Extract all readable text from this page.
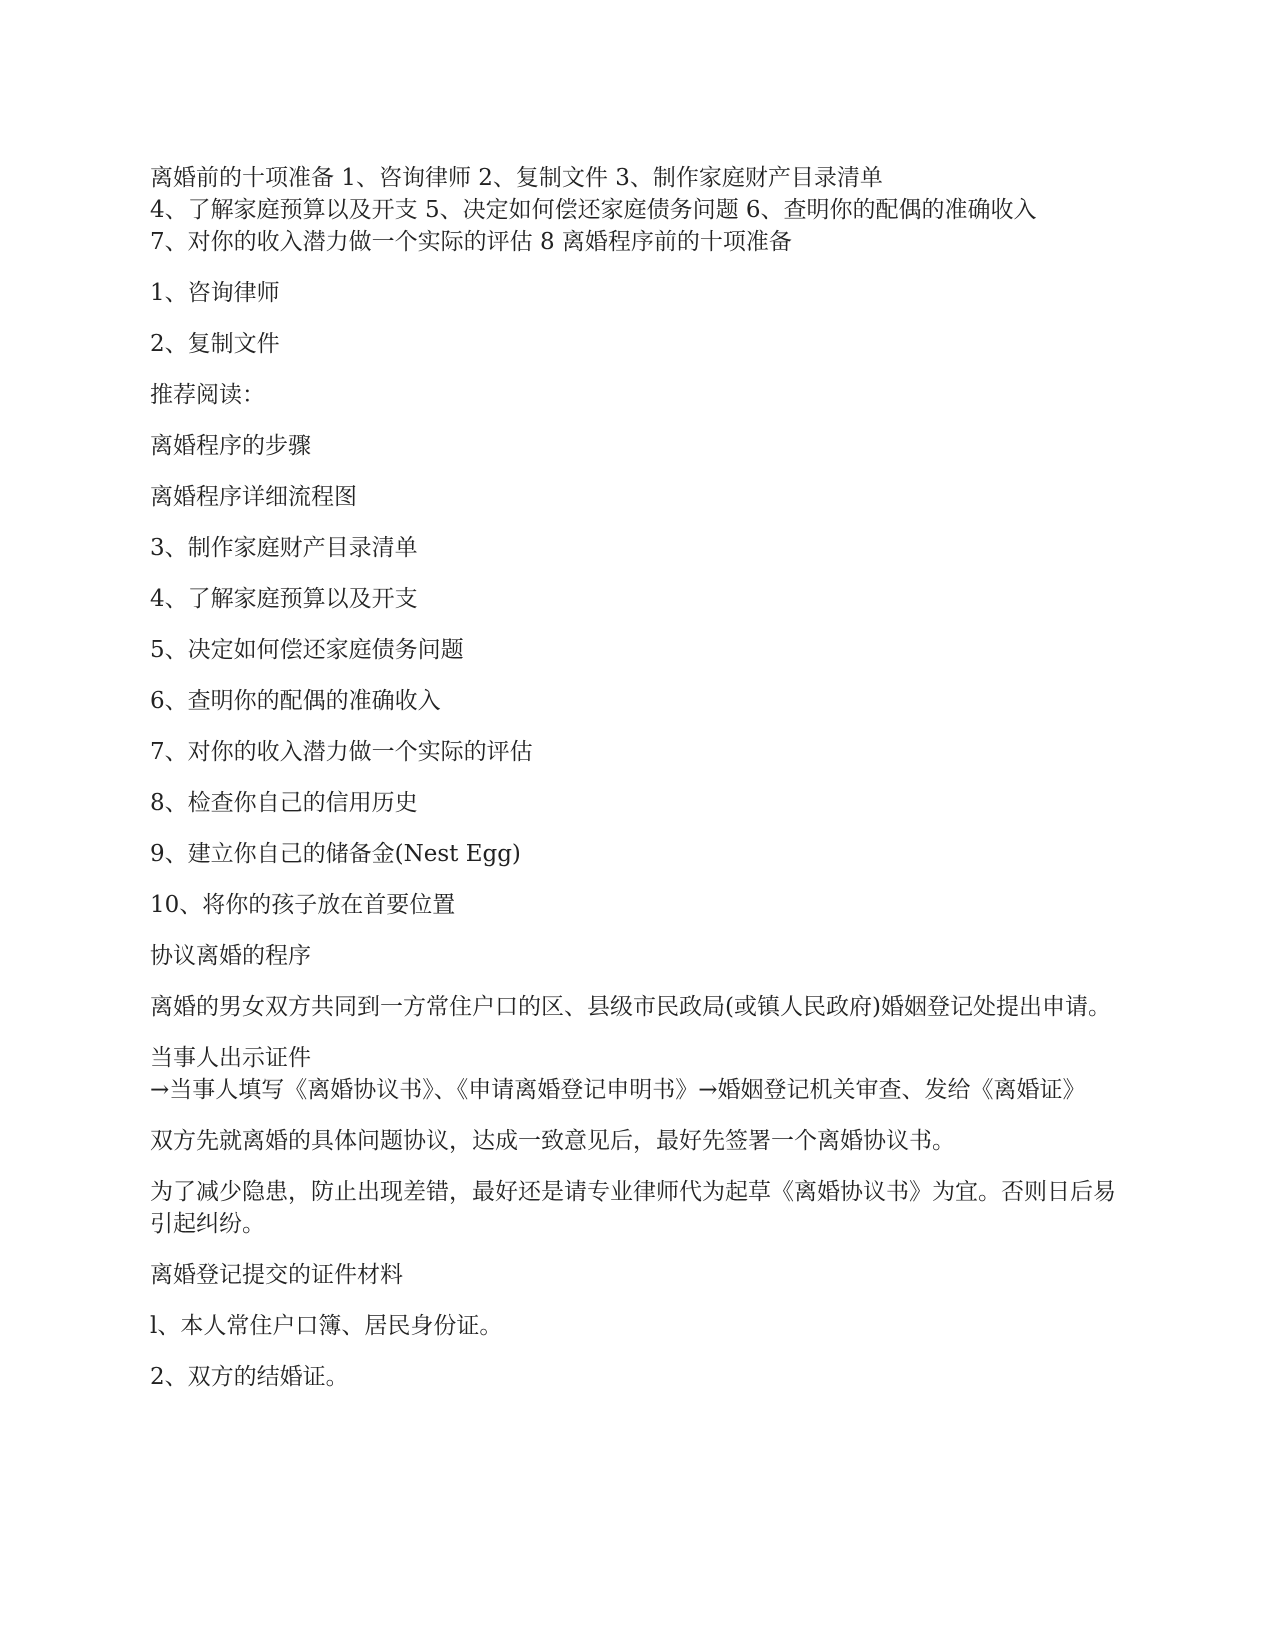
离婚前的十项准备 1、咨询律师 2、复制文件 3、制作家庭财产目录清单

4、了解家庭预算以及开支 5、决定如何偿还家庭债务问题 6、查明你的配偶的准确收入

7、对你的收入潜力做一个实际的评估 8 离婚程序前的十项准备

1、咨询律师

2、复制文件

推荐阅读：

离婚程序的步骤

离婚程序详细流程图

3、制作家庭财产目录清单

4、了解家庭预算以及开支

5、决定如何偿还家庭债务问题

6、查明你的配偶的准确收入

7、对你的收入潜力做一个实际的评估

8、检查你自己的信用历史

9、建立你自己的储备金(Nest Egg)

10、将你的孩子放在首要位置

协议离婚的程序

离婚的男女双方共同到一方常住户口的区、县级市民政局(或镇人民政府)婚姻登记处提出申请。

当事人出示证件

→当事人填写《离婚协议书》、《申请离婚登记申明书》→婚姻登记机关审查、发给《离婚证》

双方先就离婚的具体问题协议，达成一致意见后，最好先签署一个离婚协议书。

为了减少隐患，防止出现差错，最好还是请专业律师代为起草《离婚协议书》为宜。否则日后易引起纠纷。

离婚登记提交的证件材料

l、本人常住户口簿、居民身份证。

2、双方的结婚证。
